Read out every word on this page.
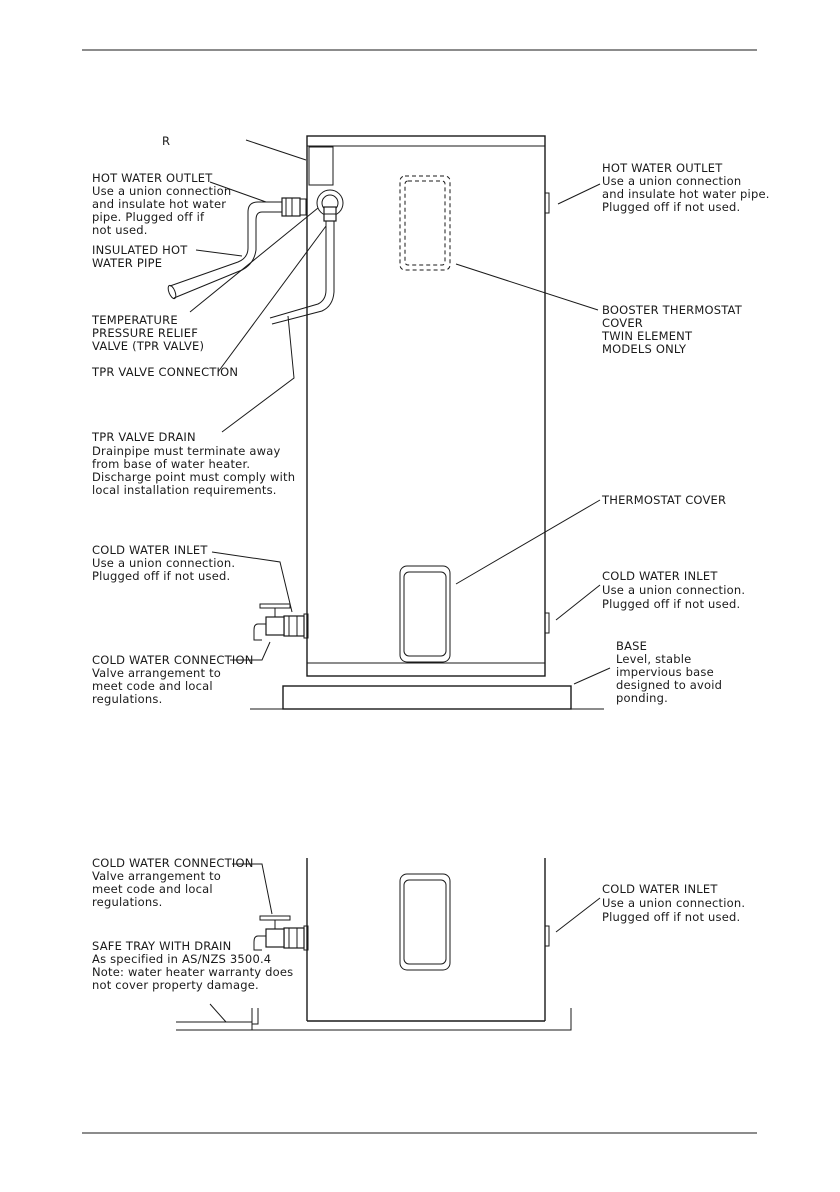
R
HOT WATER OUTLET Use a union connection and insulate hot water pipe. Plugged off if not used.
INSULATED HOT WATER PIPE
TEMPERATURE PRESSURE RELIEF VALVE (TPR VALVE)
TPR VALVE CONNECTION
TPR VALVE DRAIN Drainpipe must terminate away from base of water heater. Discharge point must comply with local installation requirements.
COLD WATER INLET Use a union connection. Plugged off if not used.
COLD WATER CONNECTION Valve arrangement to meet code and local regulations.
HOT WATER OUTLET Use a union connection and insulate hot water pipe. Plugged off if not used.
BOOSTER THERMOSTAT COVER TWIN ELEMENT MODELS ONLY
THERMOSTAT COVER
COLD WATER INLET Use a union connection. Plugged off if not used.
BASE Level, stable impervious base designed to avoid ponding.
COLD WATER CONNECTION Valve arrangement to meet code and local regulations.
SAFE TRAY WITH DRAIN As specified in AS/NZS 3500.4 Note: water heater warranty does not cover property damage.
COLD WATER INLET Use a union connection. Plugged off if not used.
